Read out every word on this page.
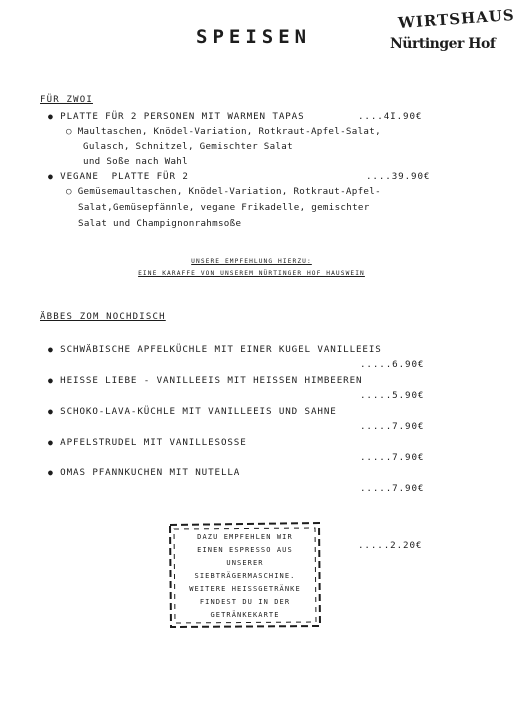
SPEISEN
WIRTSHAUS
Nürtinger Hof
FÜR ZWOI
● PLATTE FÜR 2 PERSONEN MIT WARMEN TAPAS	....4I.90€
○ Maultaschen, Knödel-Variation, Rotkraut-Apfel-Salat,
Gulasch, Schnitzel, Gemischter Salat
und Soße nach Wahl
● VEGANE  PLATTE FÜR 2	....39.90€
○ Gemüsemaultaschen, Knödel-Variation, Rotkraut-Apfel-
Salat,Gemüsepfännle, vegane Frikadelle, gemischter
Salat und Champignonrahmsoße
UNSERE EMPFEHLUNG HIERZU:
EINE KARAFFE VON UNSEREM NÜRTINGER HOF HAUSWEIN
ÄBBES ZOM NOCHDISCH
● SCHWÄBISCHE APFELKÜCHLE MIT EINER KUGEL VANILLEEIS
.....6.90€
● HEISSE LIEBE - VANILLEEIS MIT HEISSEN HIMBEEREN
.....5.90€
● SCHOKO-LAVA-KÜCHLE MIT VANILLEEIS UND SAHNE
.....7.90€
● APFELSTRUDEL MIT VANILLESOSSE
.....7.90€
● OMAS PFANNKUCHEN MIT NUTELLA
.....7.90€
DAZU EMPFEHLEN WIR
EINEN ESPRESSO AUS
UNSERER
SIEBTRÄGERMASCHINE.
WEITERE HEISSGETRÄNKE
FINDEST DU IN DER
GETRÄNKEKARTE
.....2.20€
